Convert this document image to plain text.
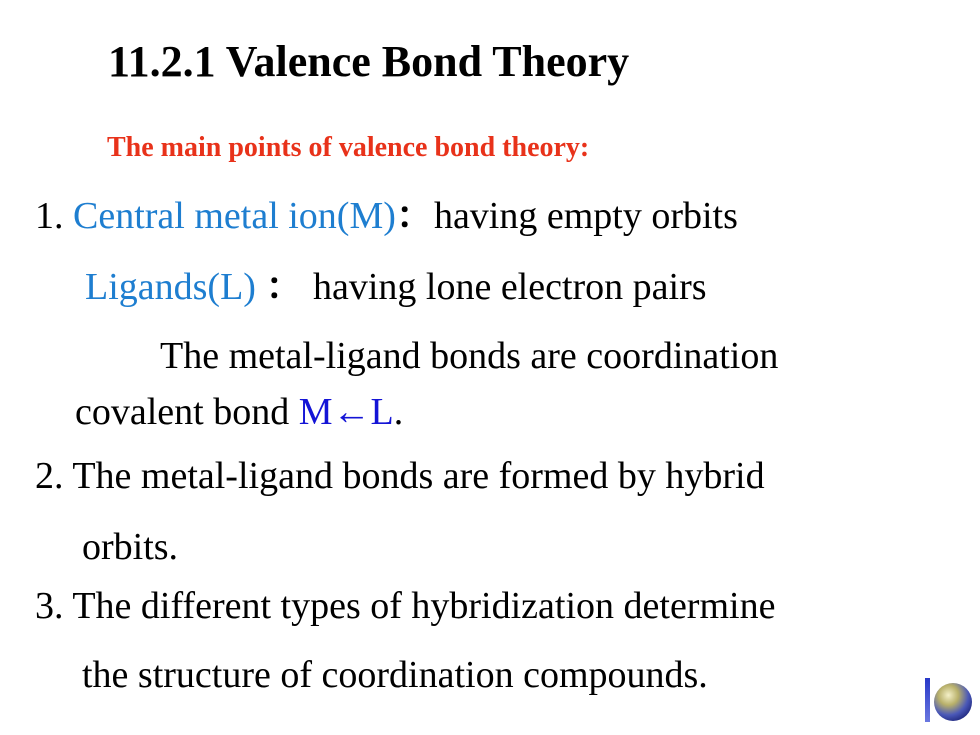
11.2.1 Valence Bond Theory
The main points of valence bond theory:
1. Central metal ion(M)：having empty orbits
Ligands(L) ： having lone electron pairs
The metal-ligand bonds are coordination
covalent bond M←L.
2. The metal-ligand bonds are formed by hybrid
orbits.
3. The different types of hybridization determine
the structure of coordination compounds.
